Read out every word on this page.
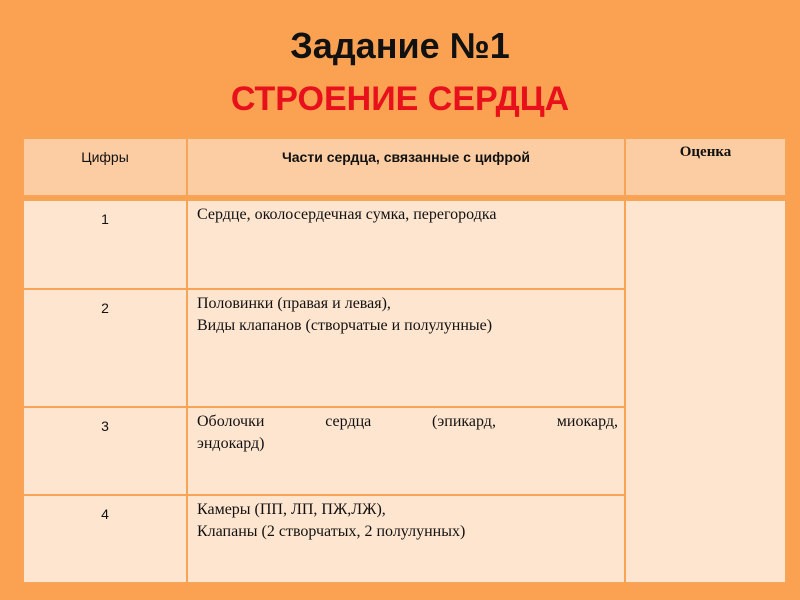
Задание №1
СТРОЕНИЕ СЕРДЦА
Цифры	Части сердца, связанные с цифрой	Оценка

1	Сердце, околосердечная сумка, перегородка	

2	Половинки (правая и левая),
Виды клапанов (створчатые и полулунные)	

3	Оболочки сердца (эпикард, миокард,
эндокард)	

4	Камеры (ПП, ЛП, ПЖ,ЛЖ),
Клапаны (2 створчатых, 2 полулунных)	
